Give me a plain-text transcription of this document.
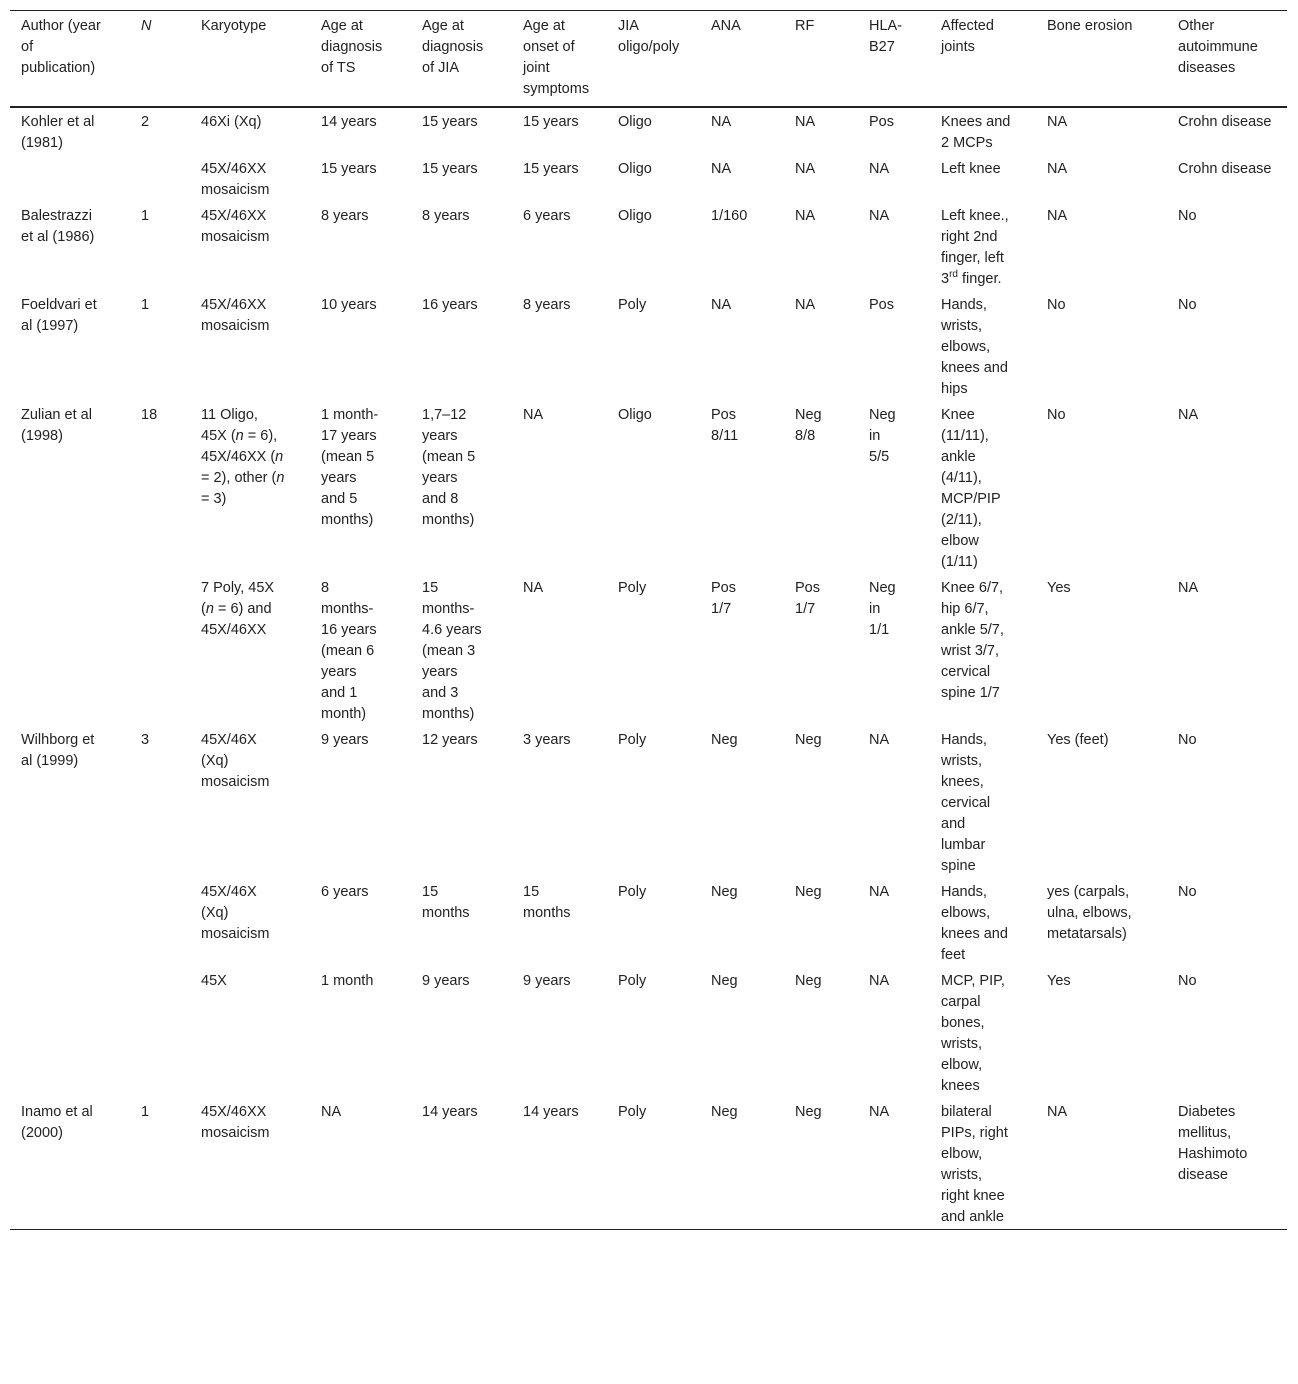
Author (year of publication)	N	Karyotype	Age at diagnosis of TS	Age at diagnosis of JIA	Age at onset of joint symptoms	JIA oligo/poly	ANA	RF	HLA-B27	Affected joints	Bone erosion	Other autoimmune diseases

Kohler et al (1981)	2	46Xi (Xq)	14 years	15 years	15 years	Oligo	NA	NA	Pos	Knees and 2 MCPs	NA	Crohn disease

		45X/46XX mosaicism	15 years	15 years	15 years	Oligo	NA	NA	NA	Left knee	NA	Crohn disease

Balestrazzi et al (1986)	1	45X/46XX mosaicism	8 years	8 years	6 years	Oligo	1/160	NA	NA	Left knee., right 2nd finger, left 3rd finger.	NA	No

Foeldvari et al (1997)	1	45X/46XX mosaicism	10 years	16 years	8 years	Poly	NA	NA	Pos	Hands, wrists, elbows, knees and hips	No	No

Zulian et al (1998)	18	11 Oligo, 45X (n = 6), 45X/46XX (n = 2), other (n = 3)	1 month-17 years (mean 5 years and 5 months)	1,7–12 years (mean 5 years and 8 months)	NA	Oligo	Pos 8/11	Neg 8/8	Neg in 5/5	Knee (11/11), ankle (4/11), MCP/PIP (2/11), elbow (1/11)	No	NA

		7 Poly, 45X (n = 6) and 45X/46XX	8 months-16 years (mean 6 years and 1 month)	15 months-4.6 years (mean 3 years and 3 months)	NA	Poly	Pos 1/7	Pos 1/7	Neg in 1/1	Knee 6/7, hip 6/7, ankle 5/7, wrist 3/7, cervical spine 1/7	Yes	NA

Wilhborg et al (1999)	3	45X/46X (Xq) mosaicism	9 years	12 years	3 years	Poly	Neg	Neg	NA	Hands, wrists, knees, cervical and lumbar spine	Yes (feet)	No

		45X/46X (Xq) mosaicism	6 years	15 months	15 months	Poly	Neg	Neg	NA	Hands, elbows, knees and feet	yes (carpals, ulna, elbows, metatarsals)	No

		45X	1 month	9 years	9 years	Poly	Neg	Neg	NA	MCP, PIP, carpal bones, wrists, elbow, knees	Yes	No

Inamo et al (2000)	1	45X/46XX mosaicism	NA	14 years	14 years	Poly	Neg	Neg	NA	bilateral PIPs, right elbow, wrists, right knee and ankle	NA	Diabetes mellitus, Hashimoto disease
